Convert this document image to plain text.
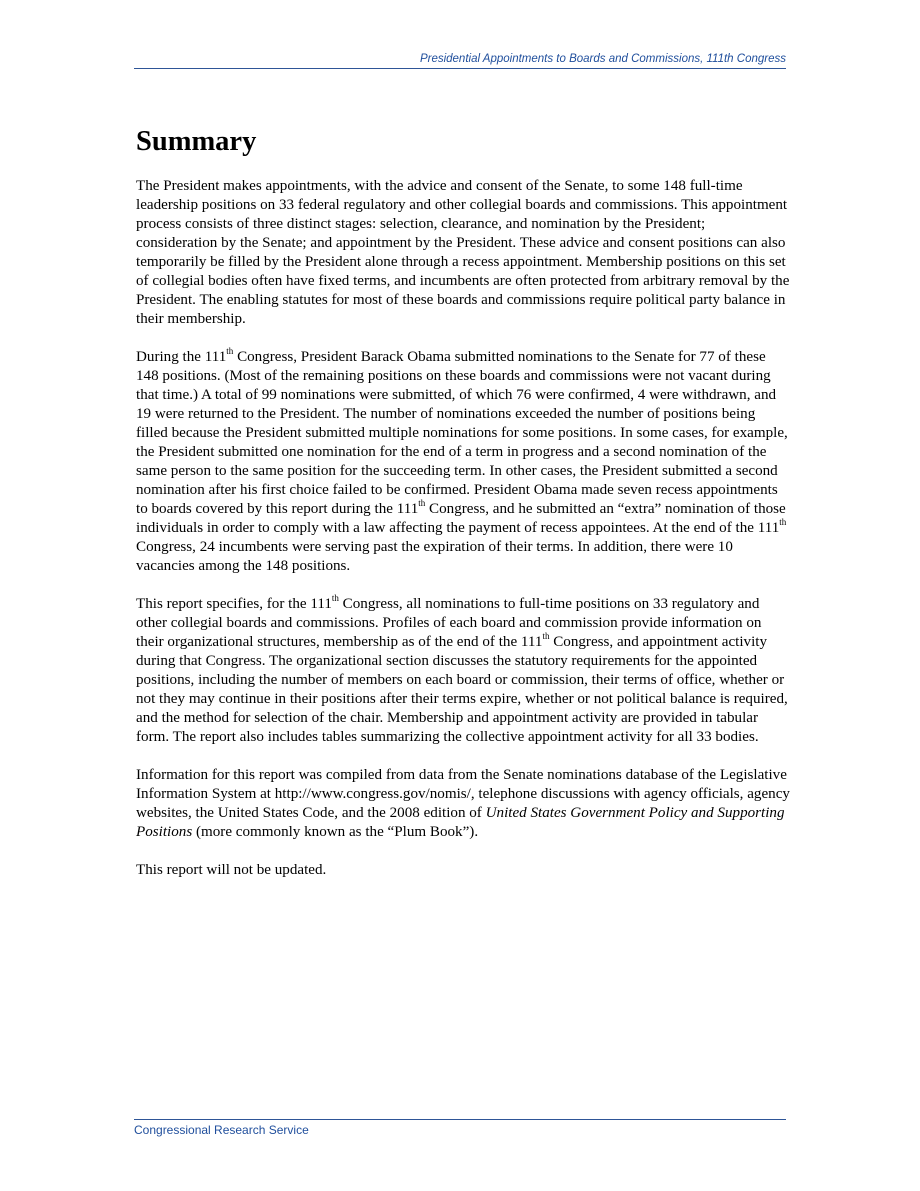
Presidential Appointments to Boards and Commissions, 111th Congress
Summary

The President makes appointments, with the advice and consent of the Senate, to some 148 full-time leadership positions on 33 federal regulatory and other collegial boards and commissions. This appointment process consists of three distinct stages: selection, clearance, and nomination by the President; consideration by the Senate; and appointment by the President. These advice and consent positions can also temporarily be filled by the President alone through a recess appointment. Membership positions on this set of collegial bodies often have fixed terms, and incumbents are often protected from arbitrary removal by the President. The enabling statutes for most of these boards and commissions require political party balance in their membership.

During the 111th Congress, President Barack Obama submitted nominations to the Senate for 77 of these 148 positions. (Most of the remaining positions on these boards and commissions were not vacant during that time.) A total of 99 nominations were submitted, of which 76 were confirmed, 4 were withdrawn, and 19 were returned to the President. The number of nominations exceeded the number of positions being filled because the President submitted multiple nominations for some positions. In some cases, for example, the President submitted one nomination for the end of a term in progress and a second nomination of the same person to the same position for the succeeding term. In other cases, the President submitted a second nomination after his first choice failed to be confirmed. President Obama made seven recess appointments to boards covered by this report during the 111th Congress, and he submitted an “extra” nomination of those individuals in order to comply with a law affecting the payment of recess appointees. At the end of the 111th Congress, 24 incumbents were serving past the expiration of their terms. In addition, there were 10 vacancies among the 148 positions.

This report specifies, for the 111th Congress, all nominations to full-time positions on 33 regulatory and other collegial boards and commissions. Profiles of each board and commission provide information on their organizational structures, membership as of the end of the 111th Congress, and appointment activity during that Congress. The organizational section discusses the statutory requirements for the appointed positions, including the number of members on each board or commission, their terms of office, whether or not they may continue in their positions after their terms expire, whether or not political balance is required, and the method for selection of the chair. Membership and appointment activity are provided in tabular form. The report also includes tables summarizing the collective appointment activity for all 33 bodies.

Information for this report was compiled from data from the Senate nominations database of the Legislative Information System at http://www.congress.gov/nomis/, telephone discussions with agency officials, agency websites, the United States Code, and the 2008 edition of United States Government Policy and Supporting Positions (more commonly known as the “Plum Book”).

This report will not be updated.

Congressional Research Service
